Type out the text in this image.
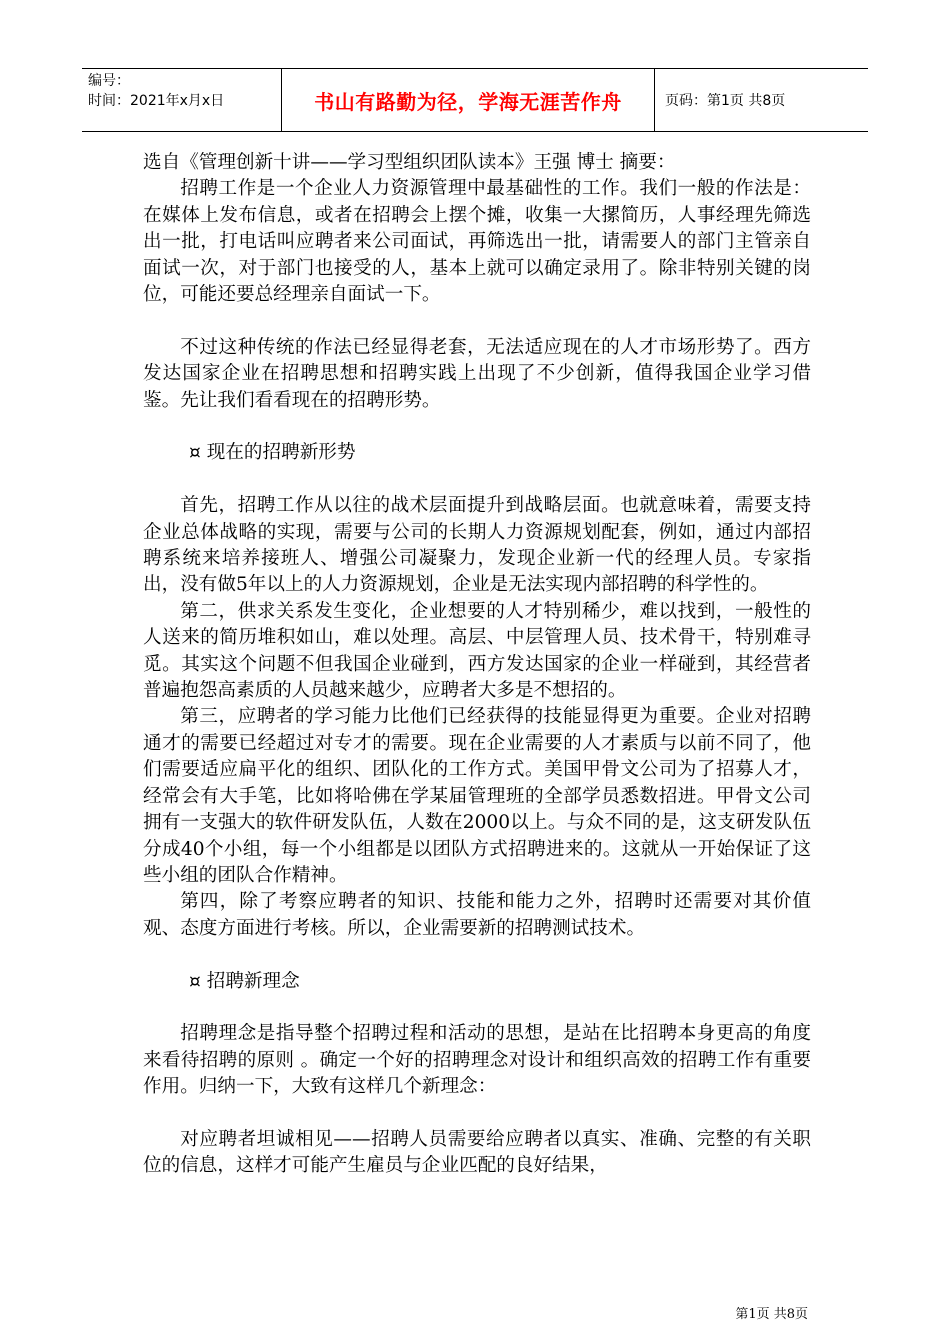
编号：
时间：2021年x月x日	书山有路勤为径，学海无涯苦作舟	页码：第1页 共8页

选自《管理创新十讲——学习型组织团队读本》王强 博士 摘要：

招聘工作是一个企业人力资源管理中最基础性的工作。我们一般的作法是：在媒体上发布信息，或者在招聘会上摆个摊，收集一大摞简历，人事经理先筛选出一批，打电话叫应聘者来公司面试，再筛选出一批，请需要人的部门主管亲自面试一次，对于部门也接受的人，基本上就可以确定录用了。除非特别关键的岗位，可能还要总经理亲自面试一下。

不过这种传统的作法已经显得老套，无法适应现在的人才市场形势了。西方发达国家企业在招聘思想和招聘实践上出现了不少创新，值得我国企业学习借鉴。先让我们看看现在的招聘形势。

¤ 现在的招聘新形势

首先，招聘工作从以往的战术层面提升到战略层面。也就意味着，需要支持企业总体战略的实现，需要与公司的长期人力资源规划配套，例如，通过内部招聘系统来培养接班人、增强公司凝聚力，发现企业新一代的经理人员。专家指出，没有做5年以上的人力资源规划，企业是无法实现内部招聘的科学性的。

第二，供求关系发生变化，企业想要的人才特别稀少，难以找到，一般性的人送来的简历堆积如山，难以处理。高层、中层管理人员、技术骨干，特别难寻觅。其实这个问题不但我国企业碰到，西方发达国家的企业一样碰到，其经营者普遍抱怨高素质的人员越来越少，应聘者大多是不想招的。

第三，应聘者的学习能力比他们已经获得的技能显得更为重要。企业对招聘通才的需要已经超过对专才的需要。现在企业需要的人才素质与以前不同了，他们需要适应扁平化的组织、团队化的工作方式。美国甲骨文公司为了招募人才，经常会有大手笔，比如将哈佛在学某届管理班的全部学员悉数招进。甲骨文公司拥有一支强大的软件研发队伍，人数在2000以上。与众不同的是，这支研发队伍分成40个小组，每一个小组都是以团队方式招聘进来的。这就从一开始保证了这些小组的团队合作精神。

第四，除了考察应聘者的知识、技能和能力之外，招聘时还需要对其价值观、态度方面进行考核。所以，企业需要新的招聘测试技术。

¤ 招聘新理念

招聘理念是指导整个招聘过程和活动的思想，是站在比招聘本身更高的角度来看待招聘的原则 。确定一个好的招聘理念对设计和组织高效的招聘工作有重要作用。归纳一下，大致有这样几个新理念：

对应聘者坦诚相见——招聘人员需要给应聘者以真实、准确、完整的有关职位的信息，这样才可能产生雇员与企业匹配的良好结果，

第1页 共8页
